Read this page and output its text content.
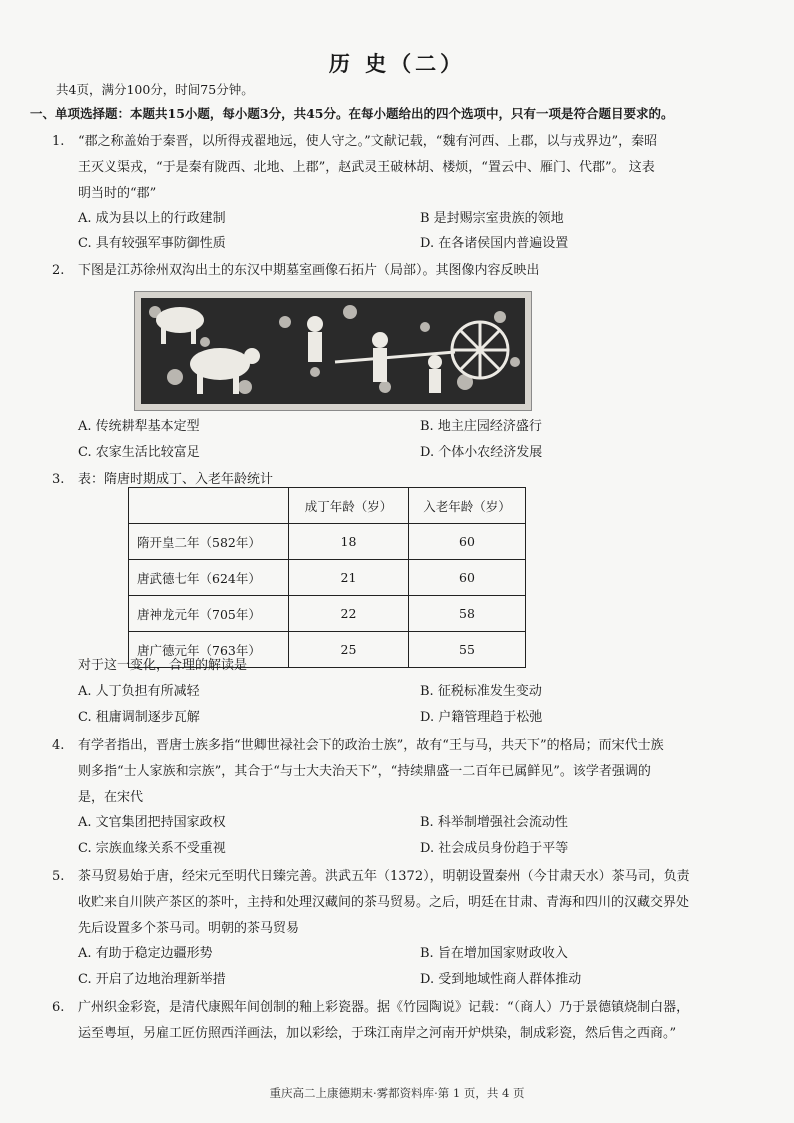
历 史（二）
共4页，满分100分，时间75分钟。
一、单项选择题：本题共15小题，每小题3分，共45分。在每小题给出的四个选项中，只有一项是符合题目要求的。
1. “郡之称盖始于秦晋，以所得戎翟地远，使人守之。”文献记载，“魏有河西、上郡，以与戎界边”，秦昭
王灭义渠戎，“于是秦有陇西、北地、上郡”，赵武灵王破林胡、楼烦，“置云中、雁门、代郡”。 这表
明当时的“郡”
A. 成为县以上的行政建制	B 是封赐宗室贵族的领地
C. 具有较强军事防御性质	D. 在各诸侯国内普遍设置
2. 下图是江苏徐州双沟出土的东汉中期墓室画像石拓片（局部）。其图像内容反映出
A. 传统耕犁基本定型	B. 地主庄园经济盛行
C. 农家生活比较富足	D. 个体小农经济发展
3. 表：隋唐时期成丁、入老年龄统计
	成丁年龄（岁）	入老年龄（岁）
隋开皇二年（582年）	18	60
唐武德七年（624年）	21	60
唐神龙元年（705年）	22	58
唐广德元年（763年）	25	55
对于这一变化，合理的解读是
A. 人丁负担有所减轻	B. 征税标准发生变动
C. 租庸调制逐步瓦解	D. 户籍管理趋于松弛
4. 有学者指出，晋唐士族多指“世卿世禄社会下的政治士族”，故有“王与马，共天下”的格局；而宋代士族
则多指“士人家族和宗族”，其合于“与士大夫治天下”，“持续鼎盛一二百年已属鲜见”。该学者强调的
是，在宋代
A. 文官集团把持国家政权	B. 科举制增强社会流动性
C. 宗族血缘关系不受重视	D. 社会成员身份趋于平等
5. 茶马贸易始于唐，经宋元至明代日臻完善。洪武五年（1372），明朝设置秦州（今甘肃天水）茶马司，负责
收贮来自川陕产茶区的茶叶，主持和处理汉藏间的茶马贸易。之后，明廷在甘肃、青海和四川的汉藏交界处
先后设置多个茶马司。明朝的茶马贸易
A. 有助于稳定边疆形势	B. 旨在增加国家财政收入
C. 开启了边地治理新举措	D. 受到地域性商人群体推动
6. 广州织金彩瓷，是清代康熙年间创制的釉上彩瓷器。据《竹园陶说》记载：“（商人）乃于景德镇烧制白器，
运至粤垣，另雇工匠仿照西洋画法，加以彩绘，于珠江南岸之河南开炉烘染，制成彩瓷，然后售之西商。”
重庆高二上康德期末·雾都资料库·第 1 页，共 4 页
